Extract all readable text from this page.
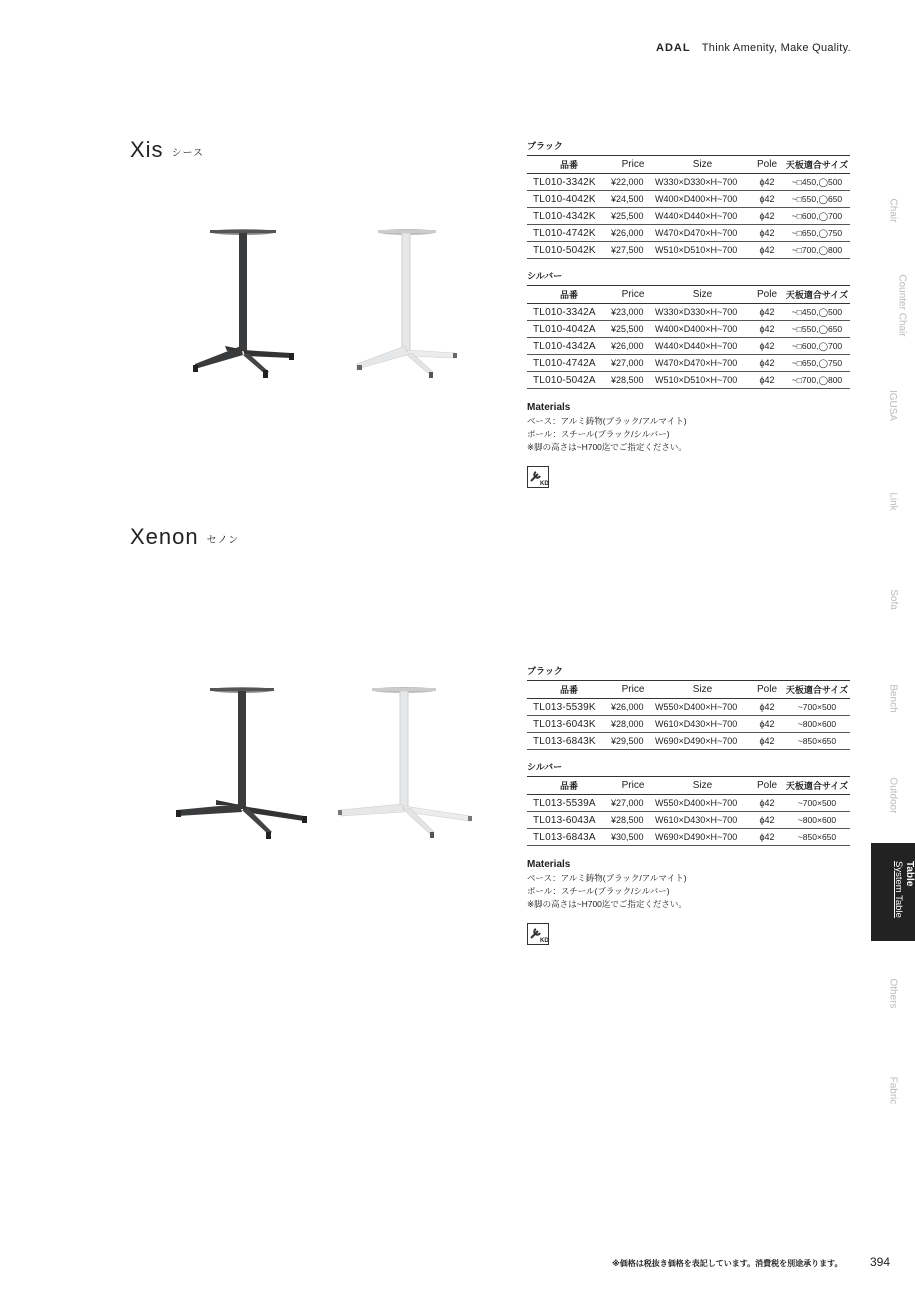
ADAL Think Amenity, Make Quality.
Xis シース
ブラック
品番	Price	Size	Pole	天板適合サイズ
TL010-3342K	¥22,000	W330×D330×H~700	ϕ42	~□450,◯500
TL010-4042K	¥24,500	W400×D400×H~700	ϕ42	~□550,◯650
TL010-4342K	¥25,500	W440×D440×H~700	ϕ42	~□600,◯700
TL010-4742K	¥26,000	W470×D470×H~700	ϕ42	~□650,◯750
TL010-5042K	¥27,500	W510×D510×H~700	ϕ42	~□700,◯800
シルバー
品番	Price	Size	Pole	天板適合サイズ
TL010-3342A	¥23,000	W330×D330×H~700	ϕ42	~□450,◯500
TL010-4042A	¥25,500	W400×D400×H~700	ϕ42	~□550,◯650
TL010-4342A	¥26,000	W440×D440×H~700	ϕ42	~□600,◯700
TL010-4742A	¥27,000	W470×D470×H~700	ϕ42	~□650,◯750
TL010-5042A	¥28,500	W510×D510×H~700	ϕ42	~□700,◯800
Materials
ベース：アルミ鋳物(ブラック/アルマイト)
ポール：スチール(ブラック/シルバー)
※脚の高さは~H700迄でご指定ください。
KD
Xenon セノン
ブラック
品番	Price	Size	Pole	天板適合サイズ
TL013-5539K	¥26,000	W550×D400×H~700	ϕ42	~700×500
TL013-6043K	¥28,000	W610×D430×H~700	ϕ42	~800×600
TL013-6843K	¥29,500	W690×D490×H~700	ϕ42	~850×650
シルバー
品番	Price	Size	Pole	天板適合サイズ
TL013-5539A	¥27,000	W550×D400×H~700	ϕ42	~700×500
TL013-6043A	¥28,500	W610×D430×H~700	ϕ42	~800×600
TL013-6843A	¥30,500	W690×D490×H~700	ϕ42	~850×650
Materials
ベース：アルミ鋳物(ブラック/アルマイト)
ポール：スチール(ブラック/シルバー)
※脚の高さは~H700迄でご指定ください。
KD
Chair
Counter Chair
IGUSA
Link
Sofa
Bench
Outdoor
Table
System Table
Others
Fabric
※価格は税抜き価格を表記しています。消費税を別途承ります。 394
